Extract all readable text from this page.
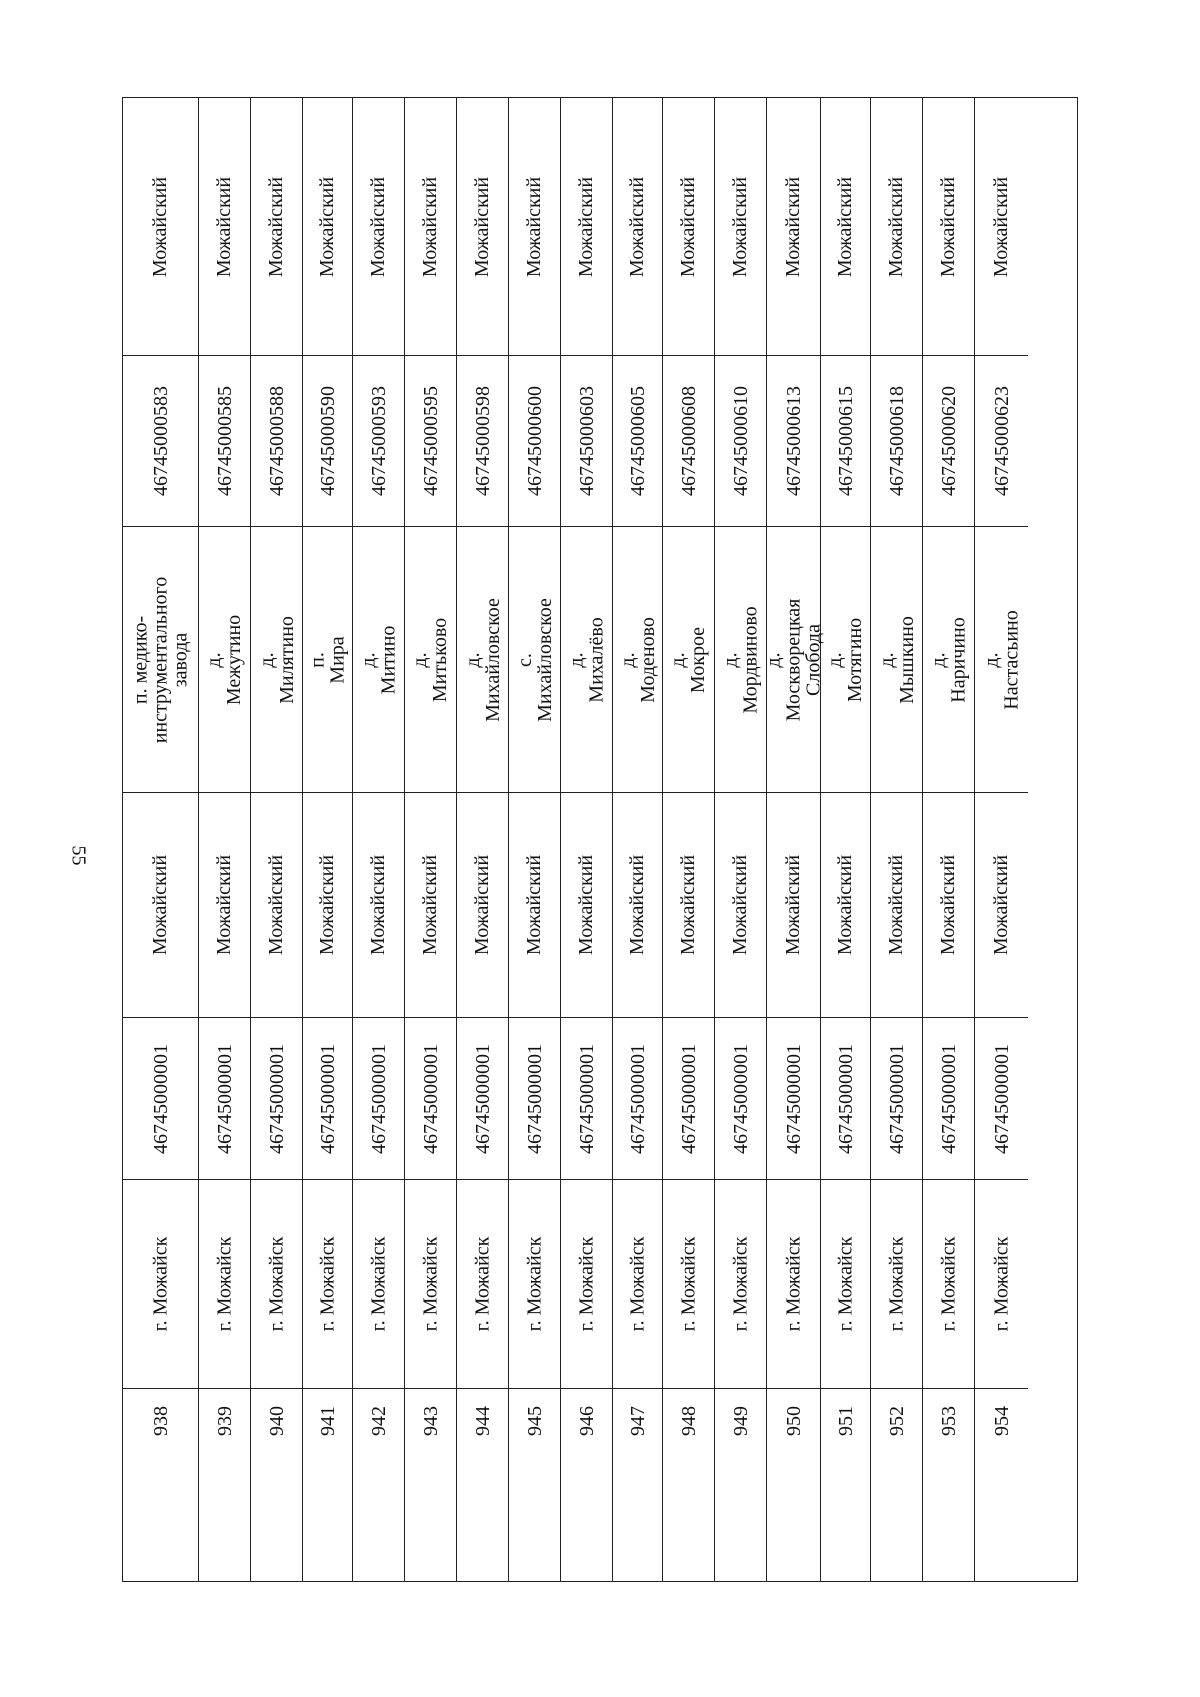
55
Можайский
46745000583
п. медико-
инструментального
завода
Можайский
46745000001
г. Можайск
938
Можайский
46745000585
д. Межутино
Можайский
46745000001
г. Можайск
939
Можайский
46745000588
д. Милятино
Можайский
46745000001
г. Можайск
940
Можайский
46745000590
п. Мира
Можайский
46745000001
г. Можайск
941
Можайский
46745000593
д. Митино
Можайский
46745000001
г. Можайск
942
Можайский
46745000595
д. Митьково
Можайский
46745000001
г. Можайск
943
Можайский
46745000598
д. Михайловское
Можайский
46745000001
г. Можайск
944
Можайский
46745000600
с. Михайловское
Можайский
46745000001
г. Можайск
945
Можайский
46745000603
д. Михалёво
Можайский
46745000001
г. Можайск
946
Можайский
46745000605
д. Моденово
Можайский
46745000001
г. Можайск
947
Можайский
46745000608
д. Мокрое
Можайский
46745000001
г. Можайск
948
Можайский
46745000610
д. Мордвиново
Можайский
46745000001
г. Можайск
949
Можайский
46745000613
д. Москворецкая
Слобода
Можайский
46745000001
г. Можайск
950
Можайский
46745000615
д. Мотягино
Можайский
46745000001
г. Можайск
951
Можайский
46745000618
д. Мышкино
Можайский
46745000001
г. Можайск
952
Можайский
46745000620
д. Наричино
Можайский
46745000001
г. Можайск
953
Можайский
46745000623
д. Настасьино
Можайский
46745000001
г. Можайск
954
